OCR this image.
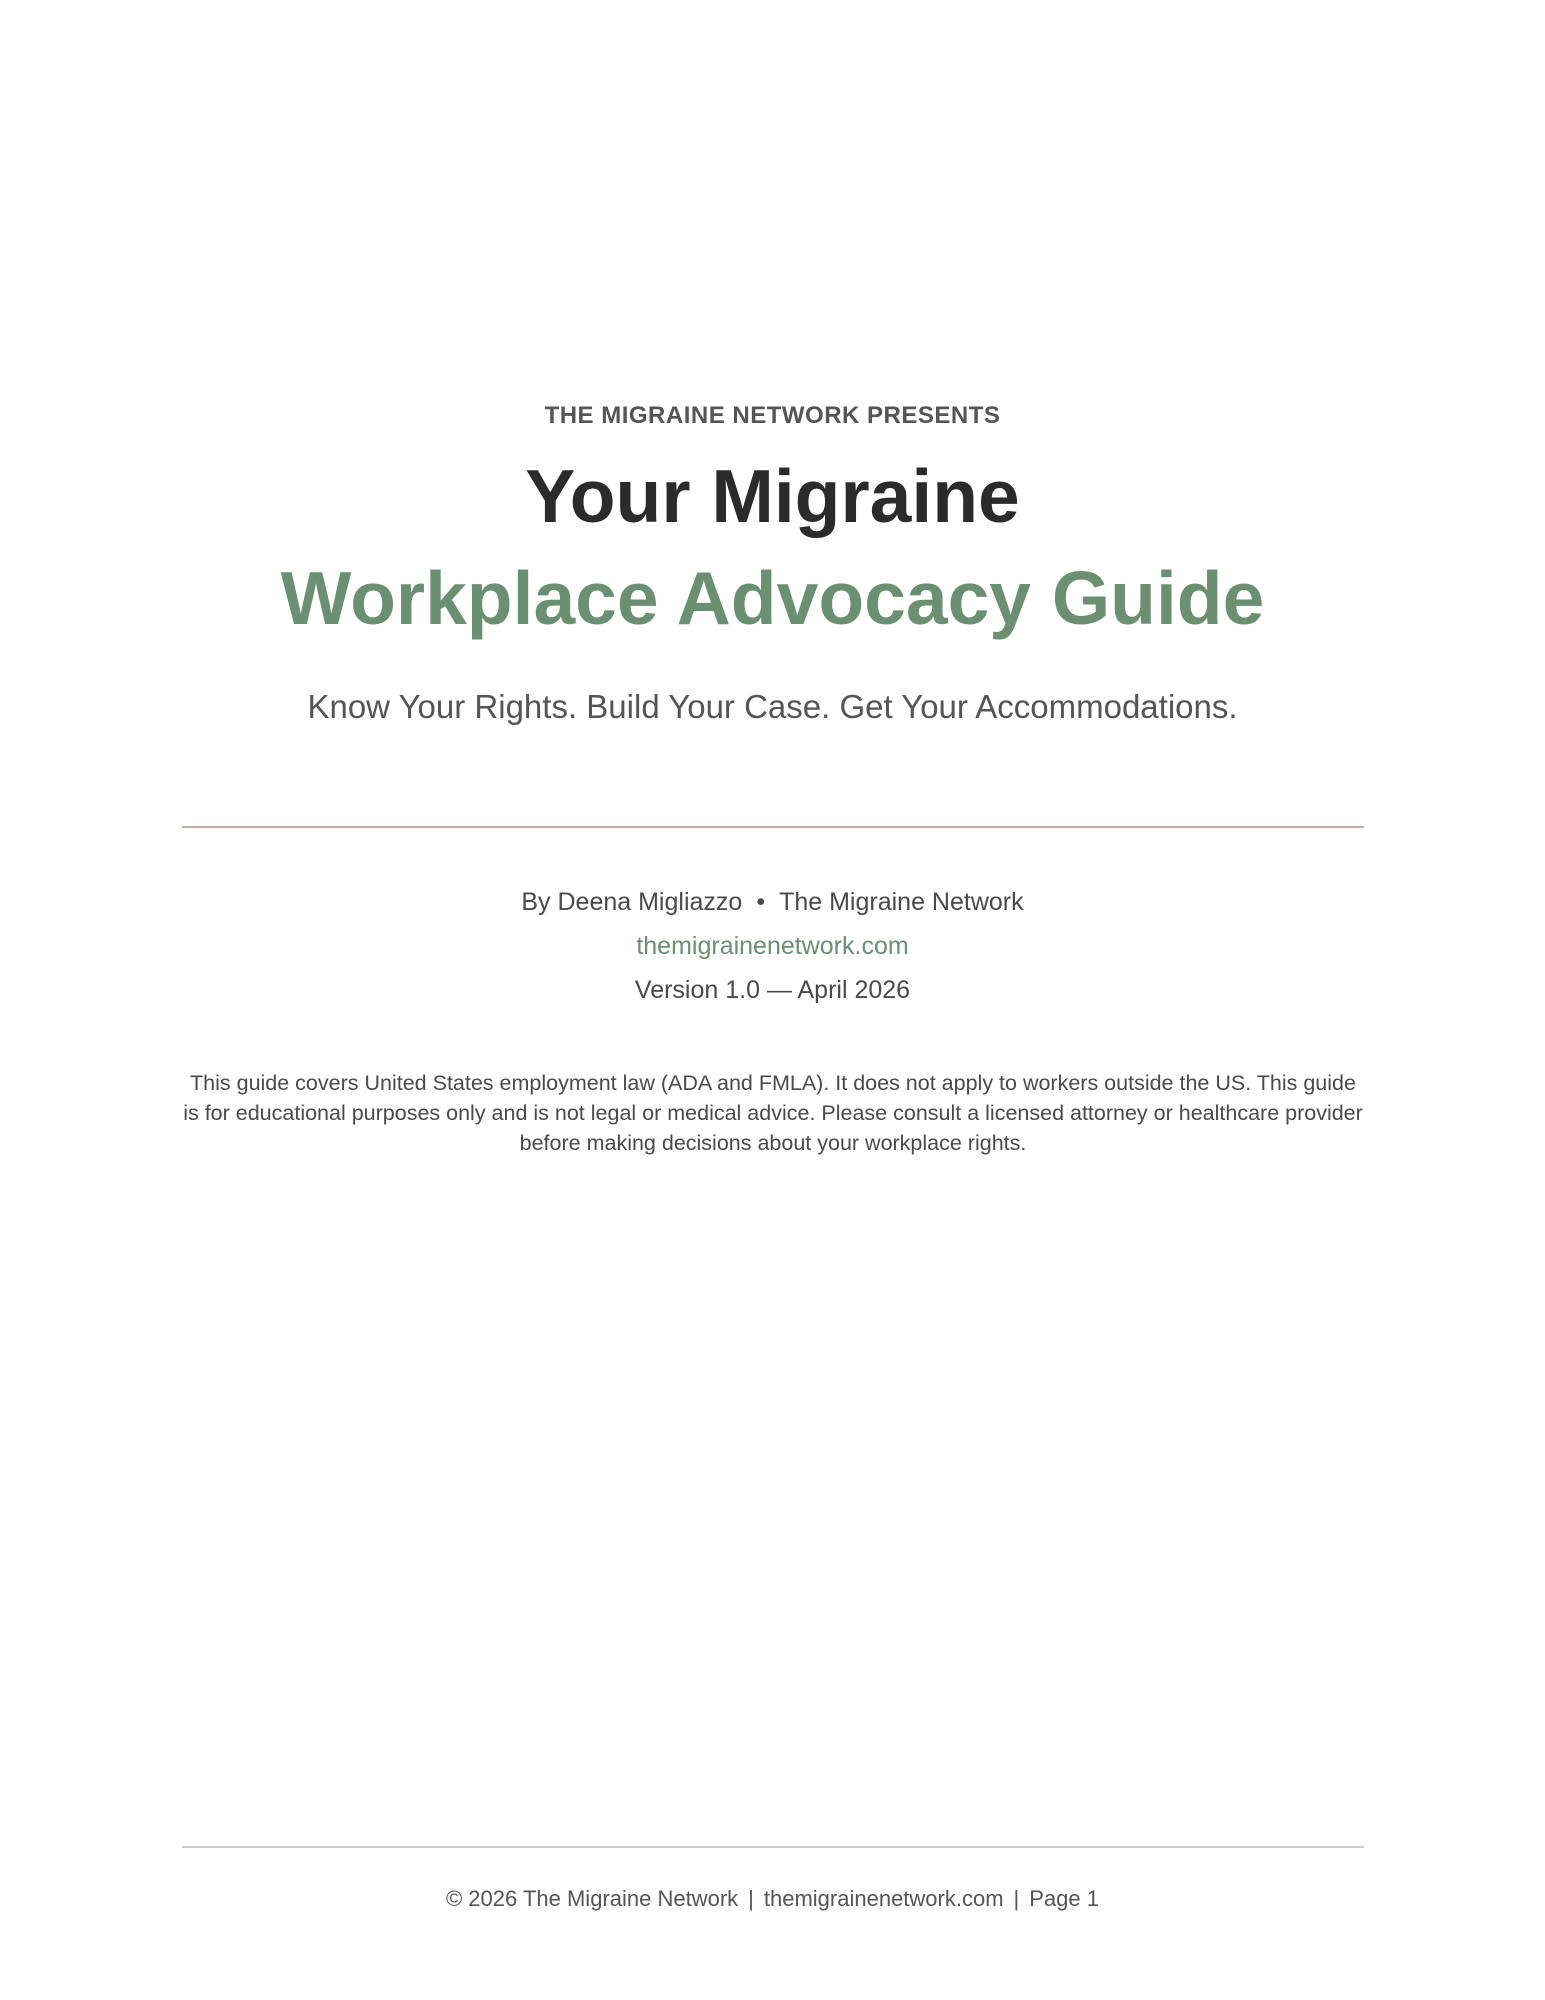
THE MIGRAINE NETWORK PRESENTS
Your Migraine
Workplace Advocacy Guide
Know Your Rights. Build Your Case. Get Your Accommodations.
By Deena Migliazzo • The Migraine Network
themigrainenetwork.com
Version 1.0 — April 2026
This guide covers United States employment law (ADA and FMLA). It does not apply to workers outside the US. This guide is for educational purposes only and is not legal or medical advice. Please consult a licensed attorney or healthcare provider before making decisions about your workplace rights.
© 2026 The Migraine Network | themigrainenetwork.com | Page 1
